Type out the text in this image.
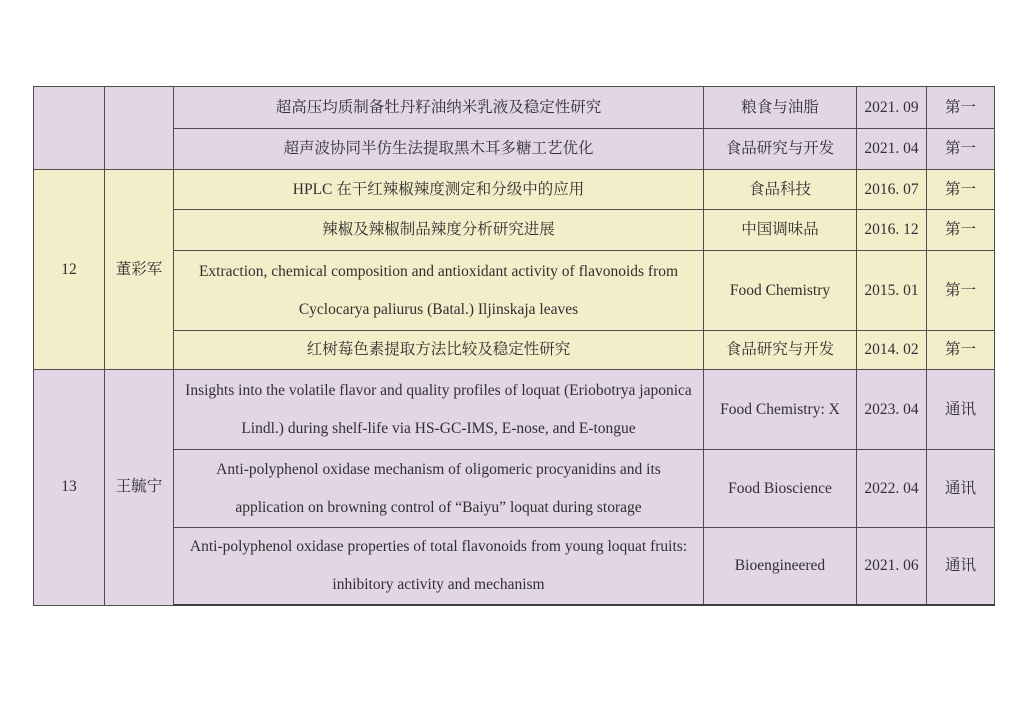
		超高压均质制备牡丹籽油纳米乳液及稳定性研究	粮食与油脂	2021. 09	第一
		超声波协同半仿生法提取黑木耳多糖工艺优化	食品研究与开发	2021. 04	第一
12	董彩军	HPLC 在干红辣椒辣度测定和分级中的应用	食品科技	2016. 07	第一
		辣椒及辣椒制品辣度分析研究进展	中国调味品	2016. 12	第一
		Extraction, chemical composition and antioxidant activity of flavonoids from Cyclocarya paliurus (Batal.) Iljinskaja leaves	Food Chemistry	2015. 01	第一
		红树莓色素提取方法比较及稳定性研究	食品研究与开发	2014. 02	第一
13	王毓宁	Insights into the volatile flavor and quality profiles of loquat (Eriobotrya japonica Lindl.) during shelf-life via HS-GC-IMS, E-nose, and E-tongue	Food Chemistry: X	2023. 04	通讯
		Anti-polyphenol oxidase mechanism of oligomeric procyanidins and its application on browning control of “Baiyu” loquat during storage	Food Bioscience	2022. 04	通讯
		Anti-polyphenol oxidase properties of total flavonoids from young loquat fruits: inhibitory activity and mechanism	Bioengineered	2021. 06	通讯
